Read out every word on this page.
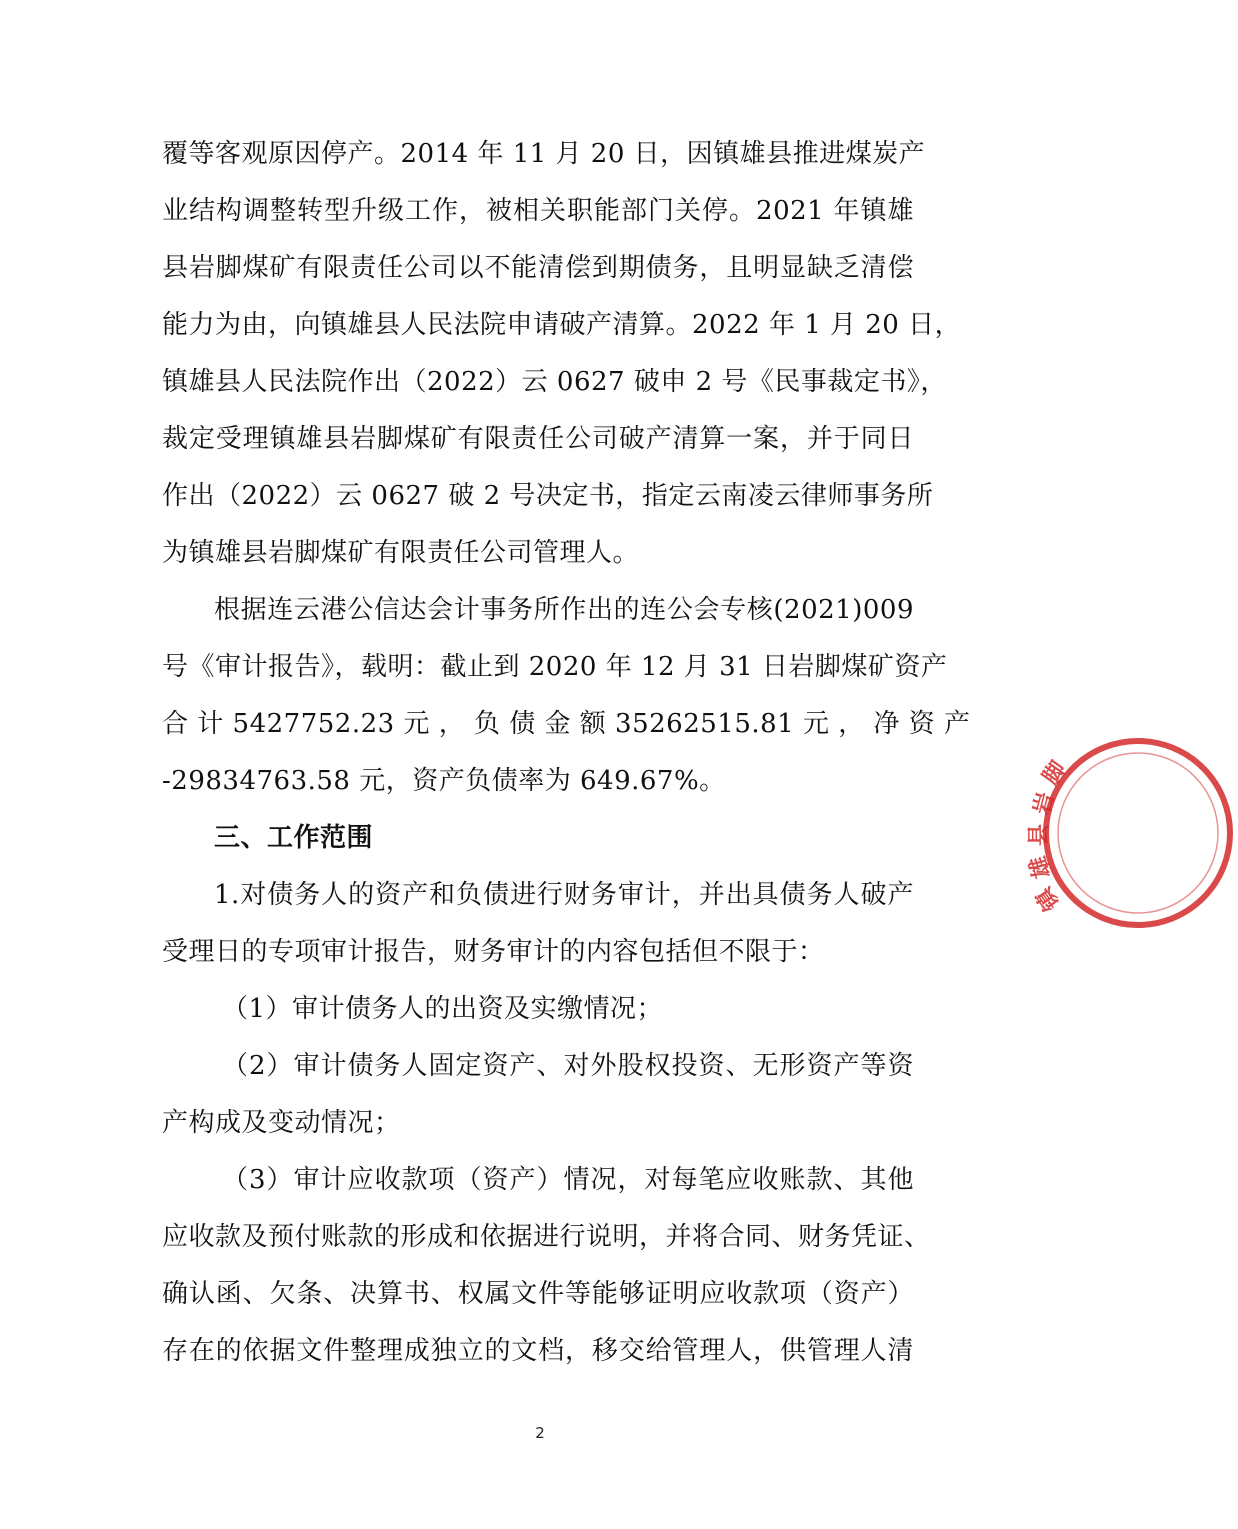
覆等客观原因停产。2014 年 11 月 20 日，因镇雄县推进煤炭产
业结构调整转型升级工作，被相关职能部门关停。2021 年镇雄
县岩脚煤矿有限责任公司以不能清偿到期债务，且明显缺乏清偿
能力为由，向镇雄县人民法院申请破产清算。2022 年 1 月 20 日，
镇雄县人民法院作出（2022）云 0627 破申 2 号《民事裁定书》，
裁定受理镇雄县岩脚煤矿有限责任公司破产清算一案，并于同日
作出（2022）云 0627 破 2 号决定书，指定云南凌云律师事务所
为镇雄县岩脚煤矿有限责任公司管理人。
根据连云港公信达会计事务所作出的连公会专核(2021)009
号《审计报告》，载明：截止到 2020 年 12 月 31 日岩脚煤矿资产
合 计 5427752.23 元 ， 负 债 金 额 35262515.81 元 ， 净 资 产
-29834763.58 元，资产负债率为 649.67%。
三、工作范围
1.对债务人的资产和负债进行财务审计，并出具债务人破产
受理日的专项审计报告，财务审计的内容包括但不限于：
（1）审计债务人的出资及实缴情况；
（2）审计债务人固定资产、对外股权投资、无形资产等资
产构成及变动情况；
（3）审计应收款项（资产）情况，对每笔应收账款、其他
应收款及预付账款的形成和依据进行说明，并将合同、财务凭证、
确认函、欠条、决算书、权属文件等能够证明应收款项（资产）
存在的依据文件整理成独立的文档，移交给管理人，供管理人清
脚
岩
县
雄
镇
2
